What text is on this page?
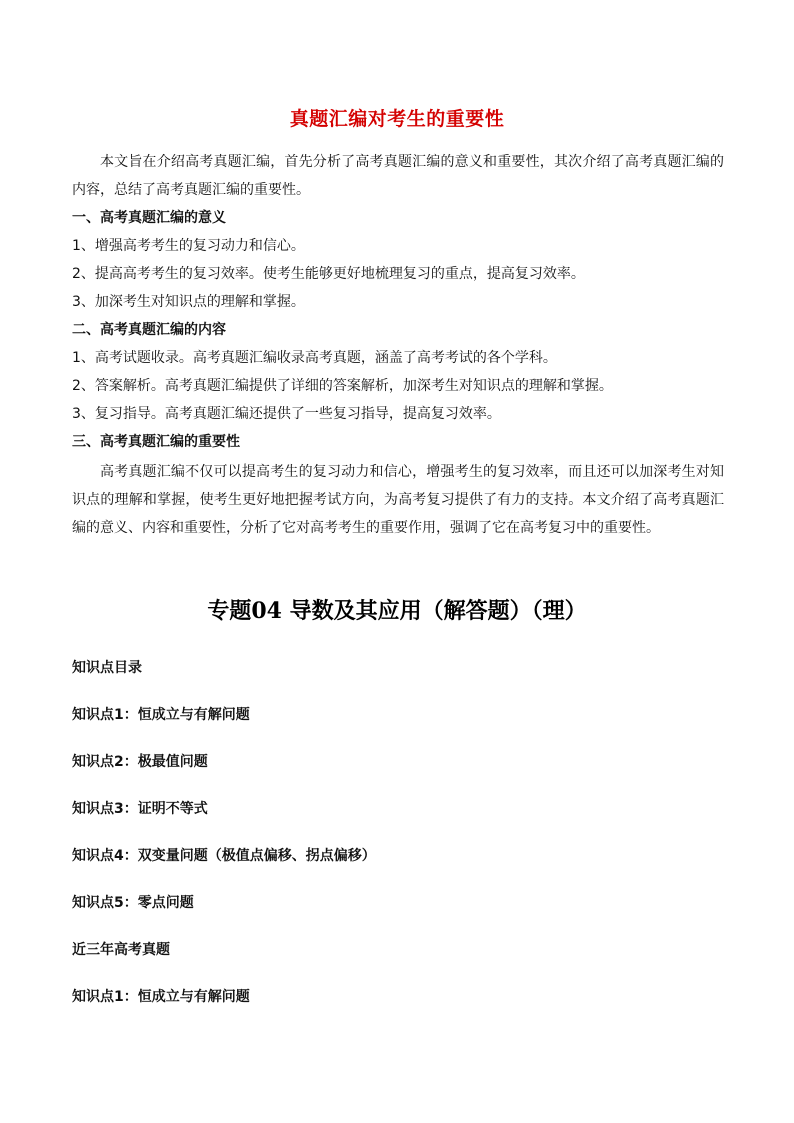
真题汇编对考生的重要性
本文旨在介绍高考真题汇编，首先分析了高考真题汇编的意义和重要性，其次介绍了高考真题汇编的内容，总结了高考真题汇编的重要性。
一、高考真题汇编的意义
1、增强高考考生的复习动力和信心。
2、提高高考考生的复习效率。使考生能够更好地梳理复习的重点，提高复习效率。
3、加深考生对知识点的理解和掌握。
二、高考真题汇编的内容
1、高考试题收录。高考真题汇编收录高考真题，涵盖了高考考试的各个学科。
2、答案解析。高考真题汇编提供了详细的答案解析，加深考生对知识点的理解和掌握。
3、复习指导。高考真题汇编还提供了一些复习指导，提高复习效率。
三、高考真题汇编的重要性
高考真题汇编不仅可以提高考生的复习动力和信心，增强考生的复习效率，而且还可以加深考生对知识点的理解和掌握，使考生更好地把握考试方向，为高考复习提供了有力的支持。本文介绍了高考真题汇编的意义、内容和重要性，分析了它对高考考生的重要作用，强调了它在高考复习中的重要性。
专题04 导数及其应用（解答题）（理）
知识点目录
知识点1：恒成立与有解问题
知识点2：极最值问题
知识点3：证明不等式
知识点4：双变量问题（极值点偏移、拐点偏移）
知识点5：零点问题
近三年高考真题
知识点1：恒成立与有解问题
